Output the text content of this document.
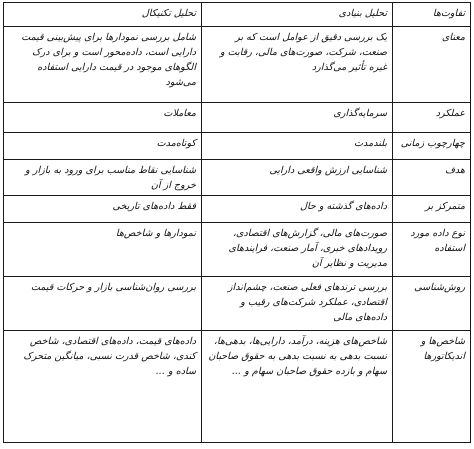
تفاوت‌ها	تحلیل بنیادی	تحلیل تکنیکال
معنای	یک بررسی دقیق از عوامل است که بر صنعت، شرکت، صورت‌های مالی، رقابت و غیره تأثیر می‌گذارد	شامل بررسی نمودارها برای پیش‌بینی قیمت دارایی است، داده‌محور است و برای درک الگوهای موجود در قیمت دارایی استفاده می‌شود
عملکرد	سرمایه‌گذاری	معاملات
چهارچوب زمانی	بلندمدت	کوتاه‌مدت
هدف	شناسایی ارزش واقعی دارایی	شناسایی نقاط مناسب برای ورود به بازار و خروج از آن
متمرکز بر	داده‌های گذشته و حال	فقط داده‌های تاریخی
نوع داده مورد استفاده	صورت‌های مالی، گزارش‌های اقتصادی، رویدادهای خبری، آمار صنعت، فرایندهای مدیریت و نظایر آن	نمودارها و شاخص‌ها
روش‌شناسی	بررسی ترندهای فعلی صنعت، چشم‌انداز اقتصادی، عملکرد شرکت‌های رقیب و داده‌های مالی	بررسی روان‌شناسی بازار و حرکات قیمت
شاخص‌ها و اندیکاتورها	شاخص‌های هزینه، درآمد، دارایی‌ها، بدهی‌ها، نسبت بدهی به نسبت بدهی به حقوق صاحبان سهام و بازده حقوق صاحبان سهام و ...	داده‌های قیمت، داده‌های اقتصادی، شاخص کندی، شاخص قدرت نسبی، میانگین متحرک ساده و ...
